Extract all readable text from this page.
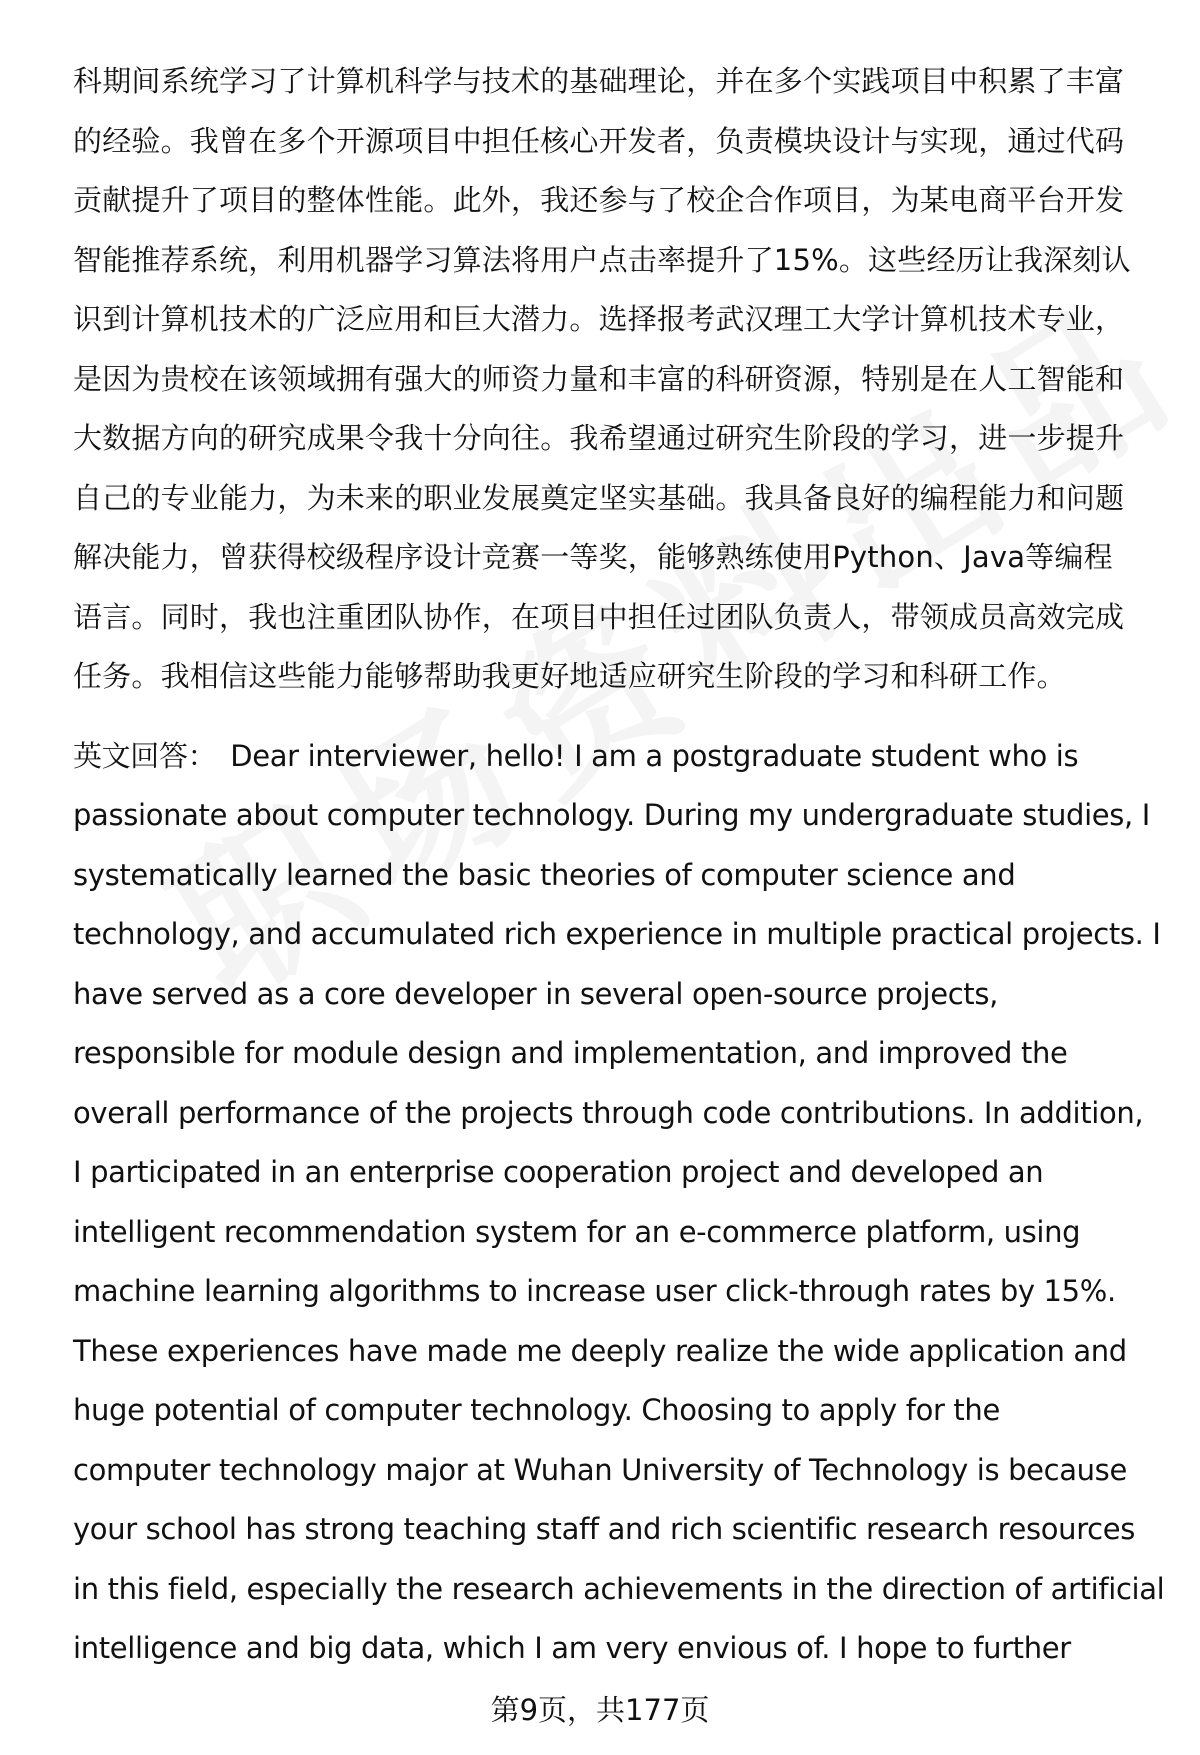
科期间系统学习了计算机科学与技术的基础理论，并在多个实践项目中积累了丰富
的经验。我曾在多个开源项目中担任核心开发者，负责模块设计与实现，通过代码
贡献提升了项目的整体性能。此外，我还参与了校企合作项目，为某电商平台开发
智能推荐系统，利用机器学习算法将用户点击率提升了15%。这些经历让我深刻认
识到计算机技术的广泛应用和巨大潜力。选择报考武汉理工大学计算机技术专业，
是因为贵校在该领域拥有强大的师资力量和丰富的科研资源，特别是在人工智能和
大数据方向的研究成果令我十分向往。我希望通过研究生阶段的学习，进一步提升
自己的专业能力，为未来的职业发展奠定坚实基础。我具备良好的编程能力和问题
解决能力，曾获得校级程序设计竞赛一等奖，能够熟练使用Python、Java等编程
语言。同时，我也注重团队协作，在项目中担任过团队负责人，带领成员高效完成
任务。我相信这些能力能够帮助我更好地适应研究生阶段的学习和科研工作。
英文回答： Dear interviewer, hello! I am a postgraduate student who is
passionate about computer technology. During my undergraduate studies, I
systematically learned the basic theories of computer science and
technology, and accumulated rich experience in multiple practical projects. I
have served as a core developer in several open-source projects,
responsible for module design and implementation, and improved the
overall performance of the projects through code contributions. In addition,
I participated in an enterprise cooperation project and developed an
intelligent recommendation system for an e-commerce platform, using
machine learning algorithms to increase user click-through rates by 15%.
These experiences have made me deeply realize the wide application and
huge potential of computer technology. Choosing to apply for the
computer technology major at Wuhan University of Technology is because
your school has strong teaching staff and rich scientific research resources
in this field, especially the research achievements in the direction of artificial
intelligence and big data, which I am very envious of. I hope to further
第9页，共177页
